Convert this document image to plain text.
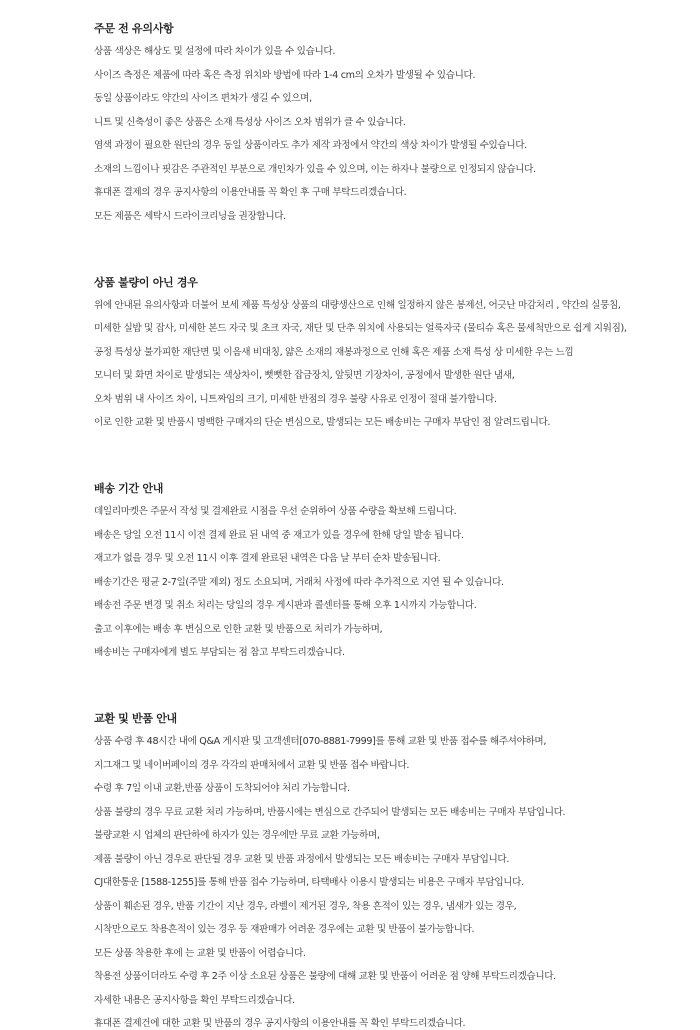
주문 전 유의사항
상품 색상은 해상도 및 설정에 따라 차이가 있을 수 있습니다.
사이즈 측정은 제품에 따라 혹은 측정 위치와 방법에 따라 1-4 cm의 오차가 발생될 수 있습니다.
동일 상품이라도 약간의 사이즈 편차가 생길 수 있으며,
니트 및 신축성이 좋은 상품은 소재 특성상 사이즈 오차 범위가 클 수 있습니다.
염색 과정이 필요한 원단의 경우 동일 상품이라도 추가 제작 과정에서 약간의 색상 차이가 발생될 수있습니다.
소재의 느낌이나 핏감은 주관적인 부분으로 개인차가 있을 수 있으며, 이는 하자나 불량으로 인정되지 않습니다.
휴대폰 결제의 경우 공지사항의 이용안내를 꼭 확인 후 구매 부탁드리겠습니다.
모든 제품은 세탁시 드라이크리닝을 권장합니다.
상품 불량이 아닌 경우
위에 안내된 유의사항과 더불어 보세 제품 특성상 상품의 대량생산으로 인해 일정하지 않은 봉제선, 어긋난 마감처리 , 약간의 실뭉침,
미세한 실밥 및 잡사, 미세한 본드 자국 및 초크 자국, 재단 및 단추 위치에 사용되는 얼룩자국 (물티슈 혹은 물세척만으로 쉽게 지워짐),
공정 특성상 불가피한 재단면 및 이음새 비대칭, 얇은 소재의 재봉과정으로 인해 혹은 제품 소재 특성 상 미세한 우는 느낌
모니터 및 화면 차이로 발생되는 색상차이, 뻣뻣한 잡금장치, 앞뒷면 기장차이, 공정에서 발생한 원단 냄새,
오차 범위 내 사이즈 차이, 니트짜임의 크기, 미세한 반점의 경우 불량 사유로 인정이 절대 불가합니다.
이로 인한 교환 및 반품시 명백한 구매자의 단순 변심으로, 발생되는 모든 배송비는 구매자 부담인 점 알려드립니다.
배송 기간 안내
데일리마켓은 주문서 작성 및 결제완료 시점을 우선 순위하여 상품 수량을 확보해 드립니다.
배송은 당일 오전 11시 이전 결제 완료 된 내역 중 재고가 있을 경우에 한해 당일 발송 됩니다.
재고가 없을 경우 및 오전 11시 이후 결제 완료된 내역은 다음 날 부터 순차 발송됩니다.
배송기간은 평균 2-7일(주말 제외) 정도 소요되며, 거래처 사정에 따라 추가적으로 지연 될 수 있습니다.
배송전 주문 변경 및 취소 처리는 당일의 경우 게시판과 콜센터를 통해 오후 1시까지 가능합니다.
출고 이후에는 배송 후 변심으로 인한 교환 및 반품으로 처리가 가능하며,
배송비는 구매자에게 별도 부담되는 점 참고 부탁드리겠습니다.
교환 및 반품 안내
상품 수령 후 48시간 내에 Q&A 게시판 및 고객센터[070-8881-7999]를 통해 교환 및 반품 접수를 해주셔야하며,
지그재그 및 네이버페이의 경우 각각의 판매처에서 교환 및 반품 접수 바랍니다.
수령 후 7일 이내 교환,반품 상품이 도착되어야 처리 가능합니다.
상품 불량의 경우 무료 교환 처리 가능하며, 반품시에는 변심으로 간주되어 발생되는 모든 배송비는 구매자 부담입니다.
불량교환 시 업체의 판단하에 하자가 있는 경우에만 무료 교환 가능하며,
제품 불량이 아닌 경우로 판단될 경우 교환 및 반품 과정에서 발생되는 모든 배송비는 구매자 부담입니다.
CJ대한통운 [1588-1255]를 통해 반품 접수 가능하며, 타택배사 이용시 발생되는 비용은 구매자 부담입니다.
상품이 훼손된 경우, 반품 기간이 지난 경우, 라벨이 제거된 경우, 착용 흔적이 있는 경우, 냄새가 있는 경우,
시착만으로도 착용흔적이 있는 경우 등 재판매가 어려운 경우에는 교환 및 반품이 불가능합니다.
모든 상품 착용한 후에 는 교환 및 반품이 어렵습니다.
착용전 상품이더라도 수령 후 2주 이상 소요된 상품은 불량에 대해 교환 및 반품이 어려운 점 양해 부탁드리겠습니다.
자세한 내용은 공지사항을 확인 부탁드리겠습니다.
휴대폰 결제건에 대한 교환 및 반품의 경우 공지사항의 이용안내를 꼭 확인 부탁드리겠습니다.
